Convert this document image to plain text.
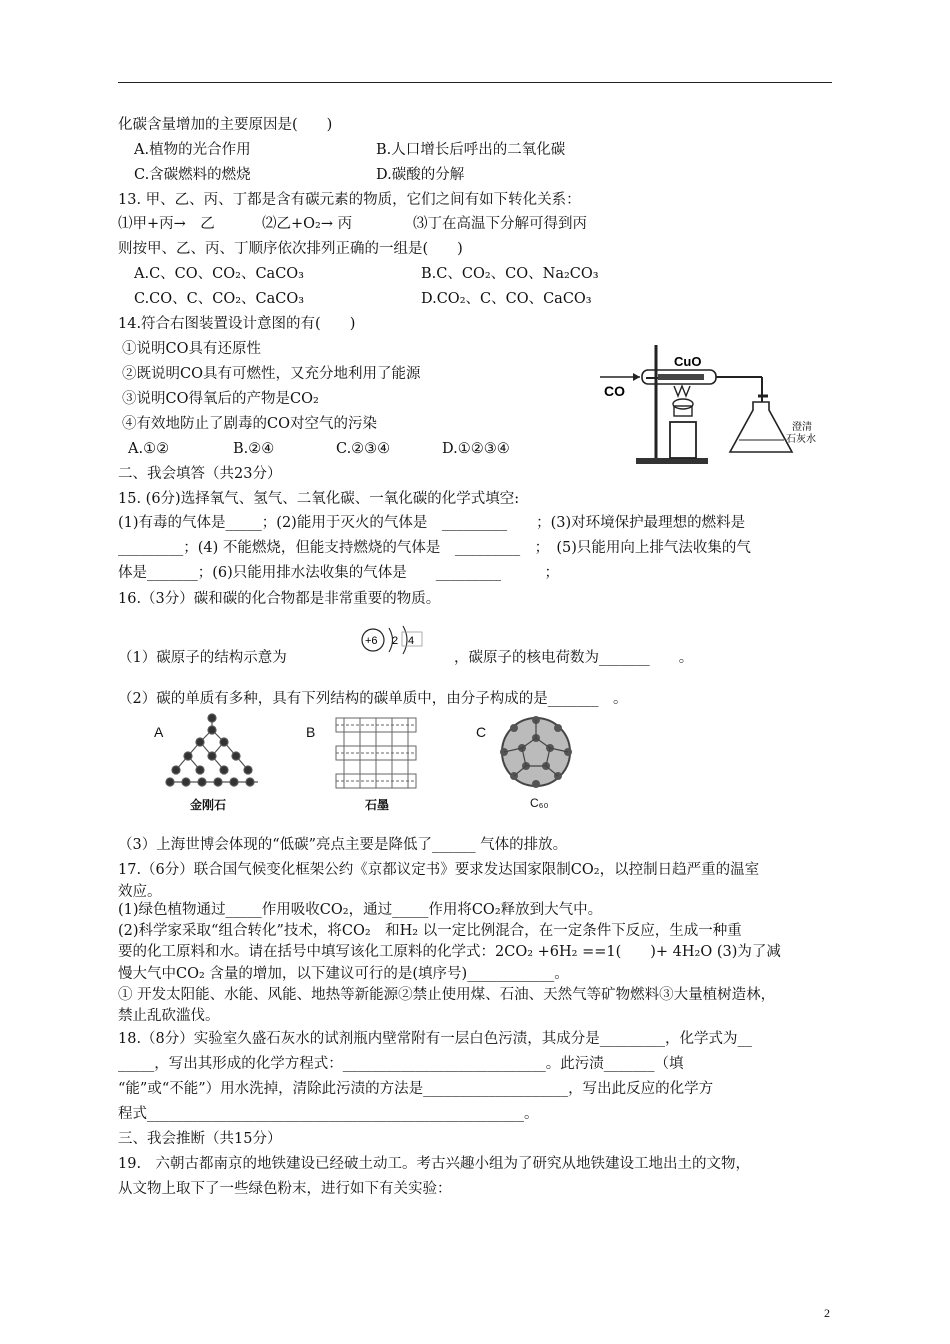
化碳含量增加的主要原因是(　　)
A.植物的光合作用	B.人口增长后呼出的二氧化碳
C.含碳燃料的燃烧	D.碳酸的分解
13. 甲、乙、丙、丁都是含有碳元素的物质，它们之间有如下转化关系：
⑴甲+丙→　乙	⑵乙+O₂→ 丙	⑶丁在高温下分解可得到丙
则按甲、乙、丙、丁顺序依次排列正确的一组是(　　)
A.C、CO、CO₂、CaCO₃	B.C、CO₂、CO、Na₂CO₃
C.CO、C、CO₂、CaCO₃	D.CO₂、C、CO、CaCO₃
14.符合右图装置设计意图的有(　　)
①说明CO具有还原性
②既说明CO具有可燃性，又充分地利用了能源
③说明CO得氧后的产物是CO₂
④有效地防止了剧毒的CO对空气的污染
A.①②	B.②④	C.②③④	D.①②③④
CuO
CO
澄清
石灰水
二、我会填答（共23分）
15. (6分)选择氧气、氢气、二氧化碳、一氧化碳的化学式填空:
(1)有毒的气体是_____；(2)能用于灭火的气体是　_________　　；(3)对环境保护最理想的燃料是
_________；(4) 不能燃烧，但能支持燃烧的气体是　_________　；　(5)只能用向上排气法收集的气
体是_______；(6)只能用排水法收集的气体是　　_________　　　；
16.（3分）碳和碳的化合物都是非常重要的物质。
（1）碳原子的结构示意为
+6 2 4
，碳原子的核电荷数为_______　　。
（2）碳的单质有多种，具有下列结构的碳单质中，由分子构成的是_______　。
A
金刚石
B
石墨
C
C₆₀
（3）上海世博会体现的“低碳”亮点主要是降低了______ 气体的排放。
17.（6分）联合国气候变化框架公约《京都议定书》要求发达国家限制CO₂，以控制日趋严重的温室
效应。
(1)绿色植物通过_____作用吸收CO₂，通过_____作用将CO₂释放到大气中。
(2)科学家采取“组合转化”技术，将CO₂　和H₂ 以一定比例混合，在一定条件下反应，生成一种重
要的化工原料和水。请在括号中填写该化工原料的化学式：2CO₂ +6H₂ ==1(　　)+ 4H₂O (3)为了减
慢大气中CO₂ 含量的增加，以下建议可行的是(填序号)____________。
① 开发太阳能、水能、风能、地热等新能源②禁止使用煤、石油、天然气等矿物燃料③大量植树造林，
禁止乱砍滥伐。
18.（8分）实验室久盛石灰水的试剂瓶内壁常附有一层白色污渍，其成分是_________，化学式为__
_____，写出其形成的化学方程式：____________________________。此污渍_______（填
“能”或“不能”）用水洗掉，清除此污渍的方法是____________________，写出此反应的化学方
程式____________________________________________________。
三、我会推断（共15分）
19.　六朝古都南京的地铁建设已经破土动工。考古兴趣小组为了研究从地铁建设工地出土的文物，
从文物上取下了一些绿色粉末，进行如下有关实验：
2
